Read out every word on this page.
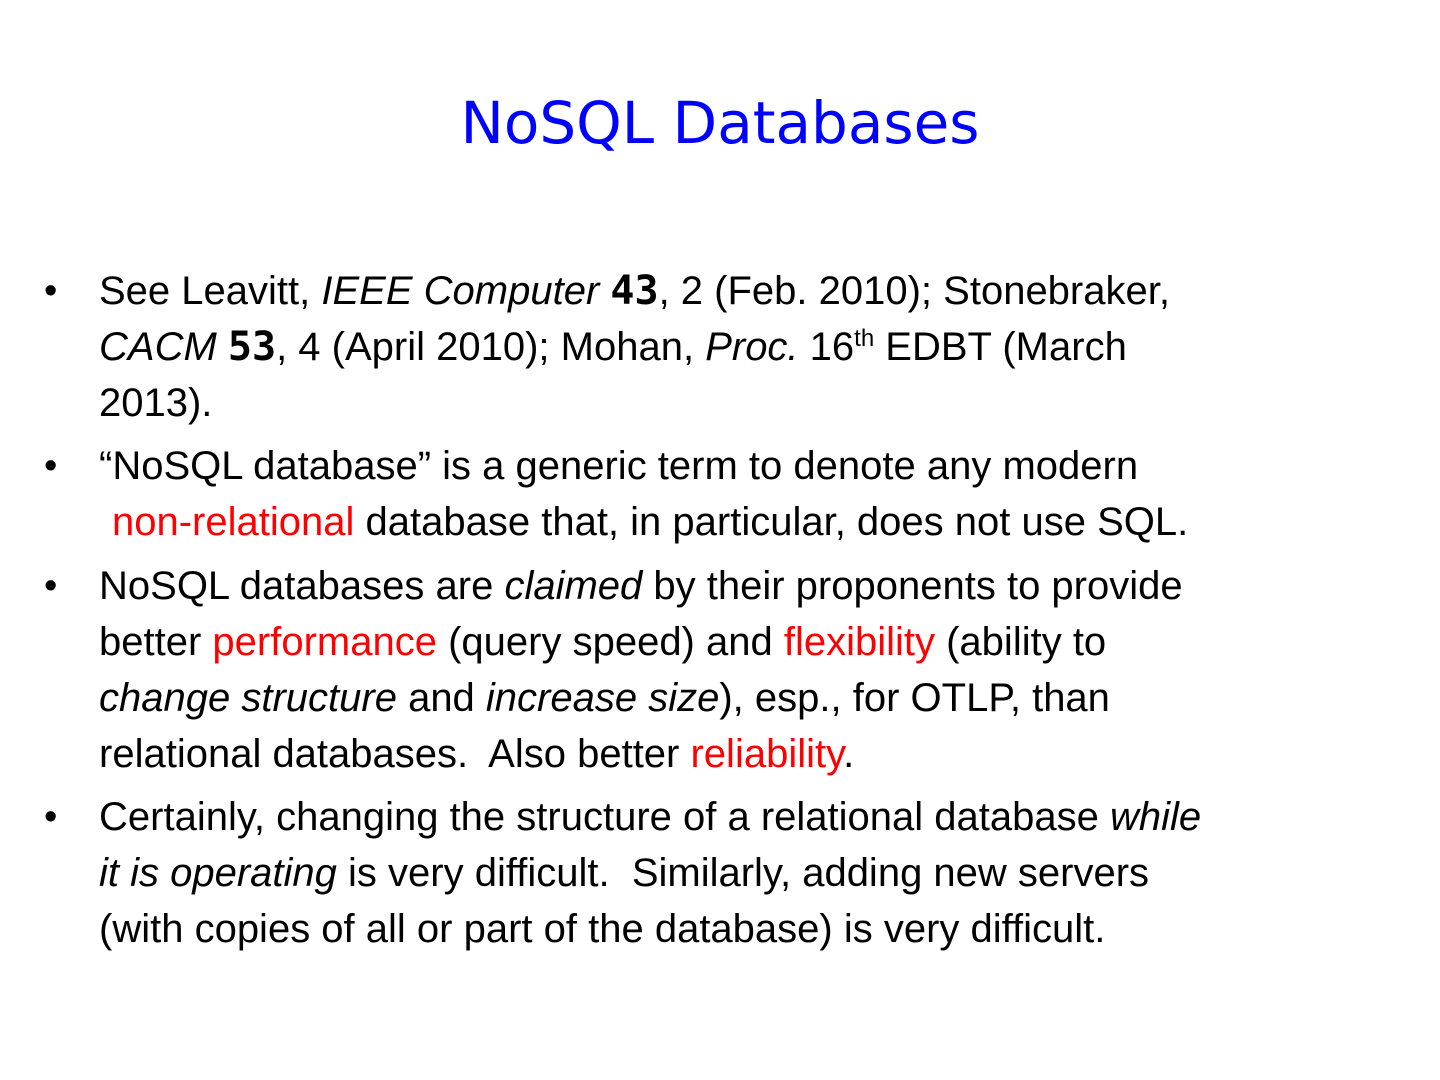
NoSQL Databases
• See Leavitt, IEEE Computer 43, 2 (Feb. 2010); Stonebraker,
CACM 53, 4 (April 2010); Mohan, Proc. 16th EDBT (March
2013).
• “NoSQL database” is a generic term to denote any modern
non-relational database that, in particular, does not use SQL.
• NoSQL databases are claimed by their proponents to provide
better performance (query speed) and flexibility (ability to
change structure and increase size), esp., for OTLP, than
relational databases.  Also better reliability.
• Certainly, changing the structure of a relational database while
it is operating is very difficult.  Similarly, adding new servers
(with copies of all or part of the database) is very difficult.
